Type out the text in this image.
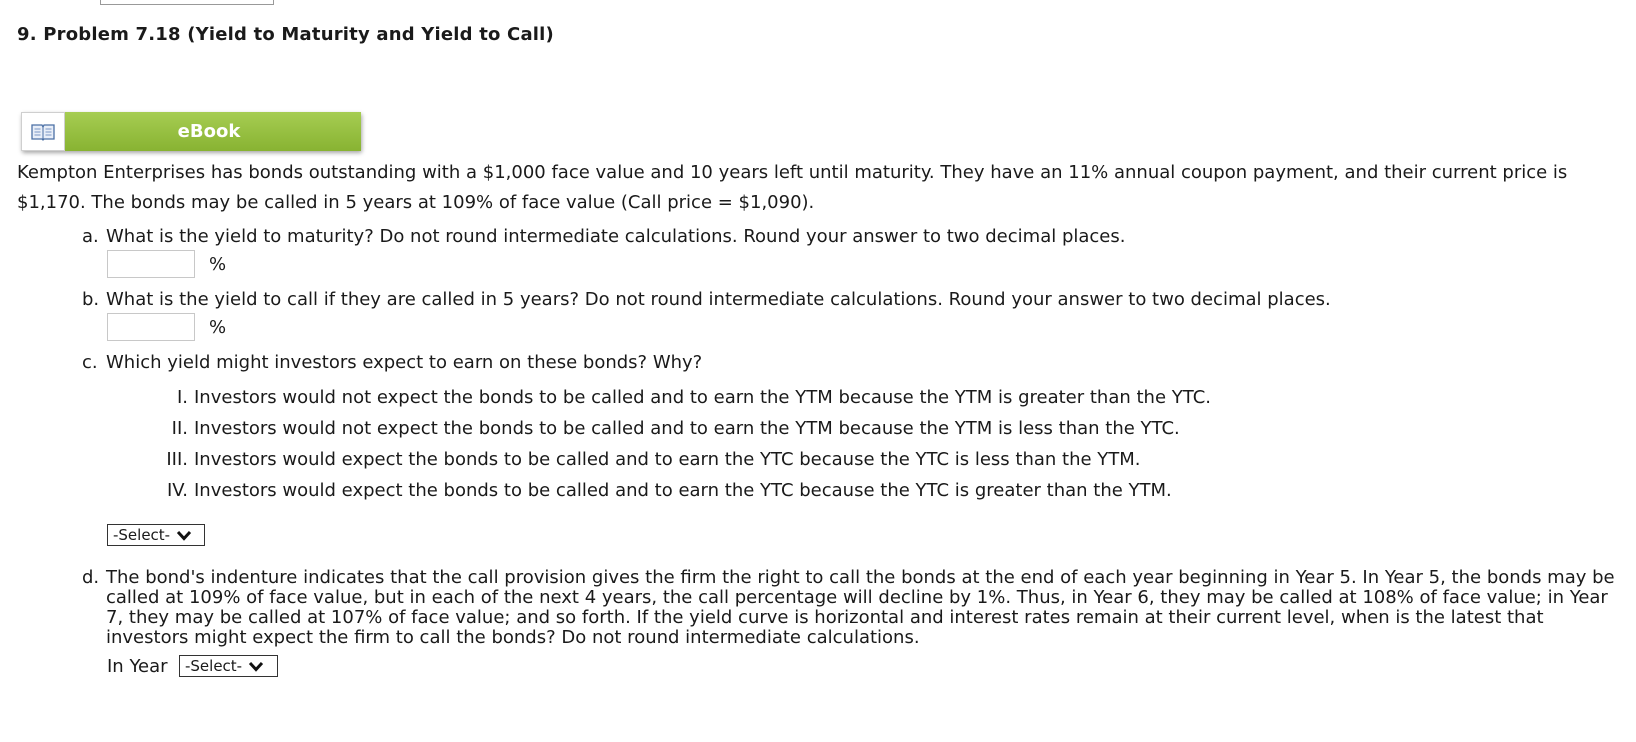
9. Problem 7.18 (Yield to Maturity and Yield to Call)
eBook
Kempton Enterprises has bonds outstanding with a $1,000 face value and 10 years left until maturity. They have an 11% annual coupon payment, and their current price is $1,170. The bonds may be called in 5 years at 109% of face value (Call price = $1,090).
a. What is the yield to maturity? Do not round intermediate calculations. Round your answer to two decimal places.
%
b. What is the yield to call if they are called in 5 years? Do not round intermediate calculations. Round your answer to two decimal places.
%
c. Which yield might investors expect to earn on these bonds? Why?
I. Investors would not expect the bonds to be called and to earn the YTM because the YTM is greater than the YTC.
II. Investors would not expect the bonds to be called and to earn the YTM because the YTM is less than the YTC.
III. Investors would expect the bonds to be called and to earn the YTC because the YTC is less than the YTM.
IV. Investors would expect the bonds to be called and to earn the YTC because the YTC is greater than the YTM.
-Select-
d. The bond's indenture indicates that the call provision gives the firm the right to call the bonds at the end of each year beginning in Year 5. In Year 5, the bonds may be called at 109% of face value, but in each of the next 4 years, the call percentage will decline by 1%. Thus, in Year 6, they may be called at 108% of face value; in Year 7, they may be called at 107% of face value; and so forth. If the yield curve is horizontal and interest rates remain at their current level, when is the latest that investors might expect the firm to call the bonds? Do not round intermediate calculations.
In Year -Select-
